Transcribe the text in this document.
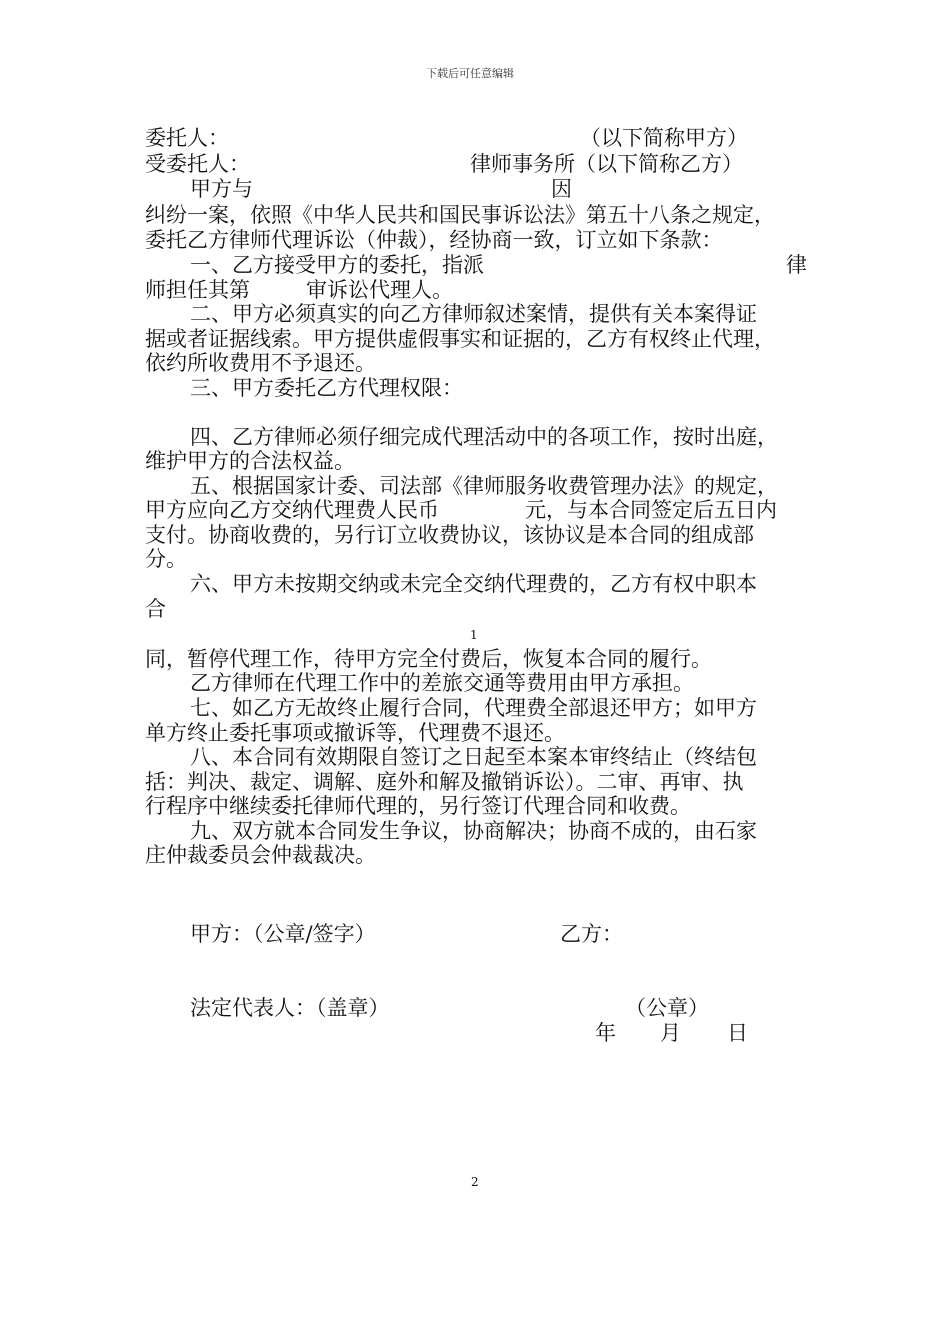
下载后可任意编辑
委托人：	（以下简称甲方）
受委托人：	律师事务所（以下简称乙方）
甲方与	因
纠纷一案，依照《中华人民共和国民事诉讼法》第五十八条之规定，
委托乙方律师代理诉讼（仲裁），经协商一致，订立如下条款：
一、乙方接受甲方的委托，指派	律
师担任其第	审诉讼代理人。
二、甲方必须真实的向乙方律师叙述案情，提供有关本案得证
据或者证据线索。甲方提供虚假事实和证据的，乙方有权终止代理，
依约所收费用不予退还。
三、甲方委托乙方代理权限：
四、乙方律师必须仔细完成代理活动中的各项工作，按时出庭，
维护甲方的合法权益。
五、根据国家计委、司法部《律师服务收费管理办法》的规定，
甲方应向乙方交纳代理费人民币	元，与本合同签定后五日内
支付。协商收费的，另行订立收费协议，该协议是本合同的组成部
分。
六、甲方未按期交纳或未完全交纳代理费的，乙方有权中职本
合
1
同，暂停代理工作，待甲方完全付费后，恢复本合同的履行。
乙方律师在代理工作中的差旅交通等费用由甲方承担。
七、如乙方无故终止履行合同，代理费全部退还甲方；如甲方
单方终止委托事项或撤诉等，代理费不退还。
八、本合同有效期限自签订之日起至本案本审终结止（终结包
括：判决、裁定、调解、庭外和解及撤销诉讼）。二审、再审、执
行程序中继续委托律师代理的，另行签订代理合同和收费。
九、双方就本合同发生争议，协商解决；协商不成的，由石家
庄仲裁委员会仲裁裁决。
甲方：（公章/签字）	乙方：
法定代表人：（盖章）	（公章）
年 月 日
2
